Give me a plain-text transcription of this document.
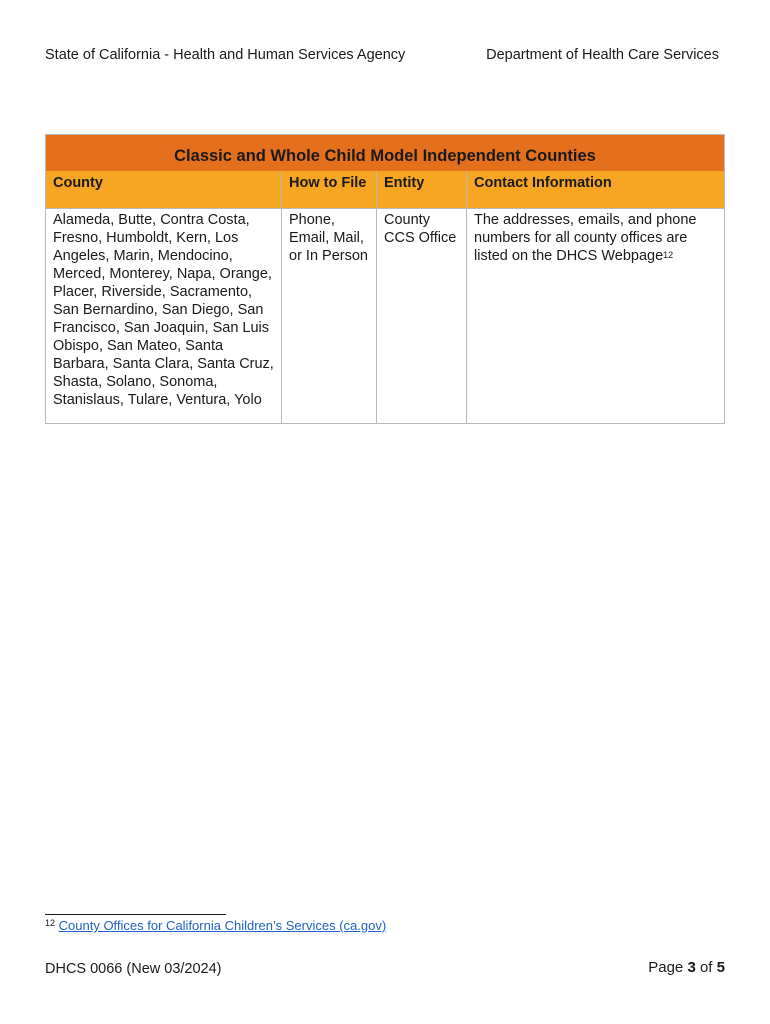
State of California - Health and Human Services Agency	Department of Health Care Services
Classic and Whole Child Model Independent Counties			
County	How to File	Entity	Contact Information
Alameda, Butte, Contra Costa, Fresno, Humboldt, Kern, Los Angeles, Marin, Mendocino, Merced, Monterey, Napa, Orange, Placer, Riverside, Sacramento, San Bernardino, San Diego, San Francisco, San Joaquin, San Luis Obispo, San Mateo, Santa Barbara, Santa Clara, Santa Cruz, Shasta, Solano, Sonoma, Stanislaus, Tulare, Ventura, Yolo	Phone, Email, Mail, or In Person	County CCS Office	The addresses, emails, and phone numbers for all county offices are listed on the DHCS Webpage$^{12}$
$^{12}$ County Offices for California Children’s Services (ca.gov)
DHCS 0066 (New 03/2024)	Page 3 of 5
